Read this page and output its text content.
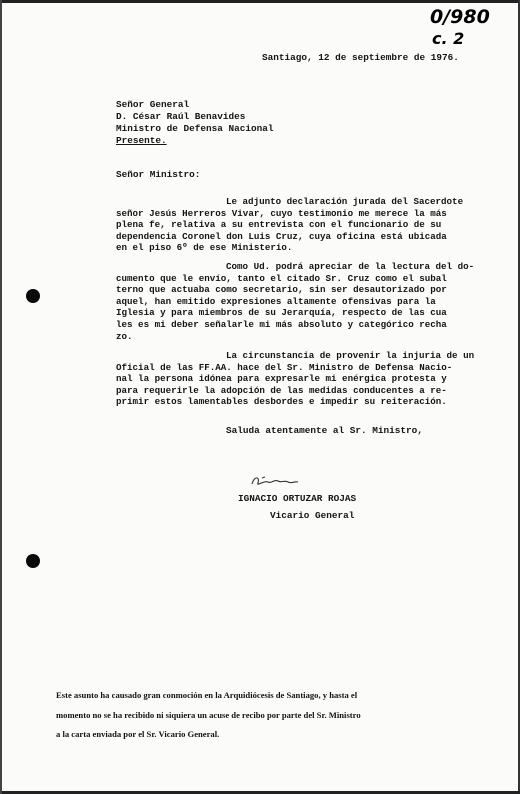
0/980
c. 2
Santiago, 12 de septiembre de 1976.
Señor General
D. César Raúl Benavides
Ministro de Defensa Nacional
Presente.
Señor Ministro:
Le adjunto declaración jurada del Sacerdote
señor Jesús Herreros Vivar, cuyo testimonio me merece la más
plena fe, relativa a su entrevista con el funcionario de su
dependencia Coronel don Luis Cruz, cuya oficina está ubicada
en el piso 6º de ese Ministerio.
Como Ud. podrá apreciar de la lectura del do-
cumento que le envío, tanto el citado Sr. Cruz como el subal
terno que actuaba como secretario, sin ser desautorizado por
aquel, han emitido expresiones altamente ofensivas para la
Iglesia y para miembros de su Jerarquía, respecto de las cua
les es mi deber señalarle mi más absoluto y categórico recha
zo.
La circunstancia de provenir la injuria de un
Oficial de las FF.AA. hace del Sr. Ministro de Defensa Nacio-
nal la persona idónea para expresarle mi enérgica protesta y
para requerirle la adopción de las medidas conducentes a re-
primir estos lamentables desbordes e impedir su reiteración.
Saluda atentamente al Sr. Ministro,
IGNACIO ORTUZAR ROJAS
Vicario General
Este asunto ha causado gran conmoción en la Arquidiócesis de Santiago, y hasta el
momento no se ha recibido ni siquiera un acuse de recibo por parte del Sr. Ministro
a la carta enviada por el Sr. Vicario General.
